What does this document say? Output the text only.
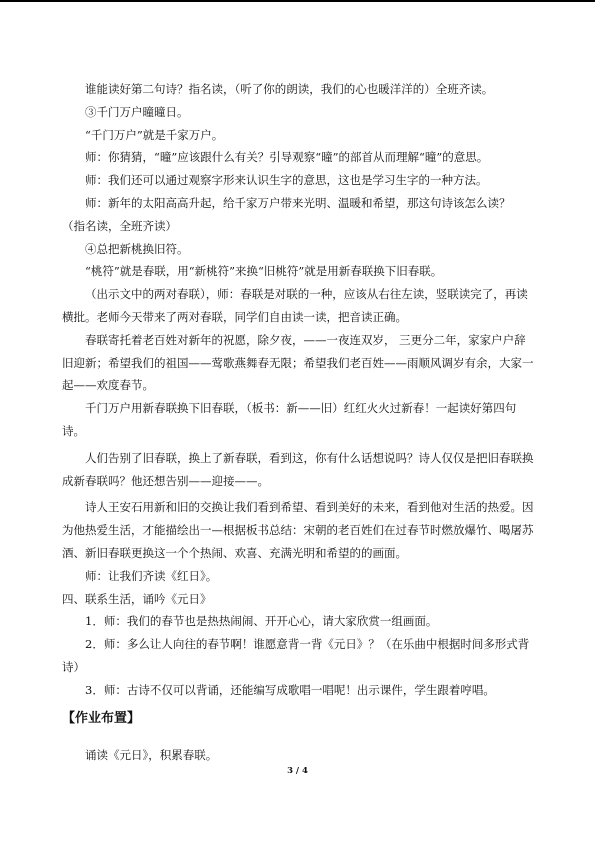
谁能读好第二句诗？指名读，（听了你的朗读，我们的心也暖洋洋的）全班齐读。

③千门万户曈曈日。

“千门万户”就是千家万户。

师：你猜猜，“曈”应该跟什么有关？引导观察“曈”的部首从而理解“曈”的意思。

师：我们还可以通过观察字形来认识生字的意思，这也是学习生字的一种方法。

师：新年的太阳高高升起，给千家万户带来光明、温暖和希望，那这句诗该怎么读？

（指名读，全班齐读）

④总把新桃换旧符。

“桃符”就是春联，用“新桃符”来换“旧桃符”就是用新春联换下旧春联。

（出示文中的两对春联），师：春联是对联的一种，应该从右往左读，竖联读完了，再读横批。老师今天带来了两对春联，同学们自由读一读，把音读正确。

春联寄托着老百姓对新年的祝愿，除夕夜，——一夜连双岁， 三更分二年，家家户户辞旧迎新；希望我们的祖国——莺歌燕舞春无限；希望我们老百姓——雨顺风调岁有余，大家一起——欢度春节。

千门万户用新春联换下旧春联，（板书：新——旧）红红火火过新春！一起读好第四句诗。

人们告别了旧春联，换上了新春联，看到这，你有什么话想说吗？诗人仅仅是把旧春联换成新春联吗？他还想告别——迎接——。

诗人王安石用新和旧的交换让我们看到希望、看到美好的未来，看到他对生活的热爱。因为他热爱生活，才能描绘出一—根据板书总结：宋朝的老百姓们在过春节时燃放爆竹、喝屠苏酒、新旧春联更换这一个个热闹、欢喜、充满光明和希望的的画面。

师：让我们齐读《红日》。

四、联系生活，诵吟《元日》

1．师：我们的春节也是热热闹闹、开开心心，请大家欣赏一组画面。

2．师：多么让人向往的春节啊！谁愿意背一背《元日》？（在乐曲中根据时间多形式背诗）

3．师：古诗不仅可以背诵，还能编写成歌唱一唱呢！出示课件，学生跟着哼唱。

【作业布置】

诵读《元日》，积累春联。

3 / 4
